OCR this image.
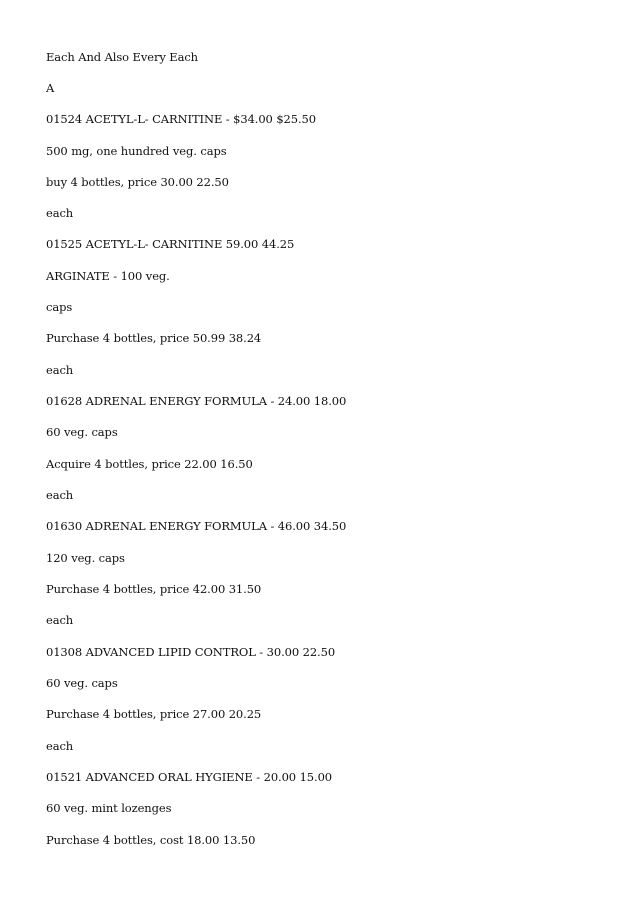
Each And Also Every Each
A
01524 ACETYL-L- CARNITINE - $34.00 $25.50
500 mg, one hundred veg. caps
buy 4 bottles, price 30.00 22.50
each
01525 ACETYL-L- CARNITINE 59.00 44.25
ARGINATE - 100 veg.
caps
Purchase 4 bottles, price 50.99 38.24
each
01628 ADRENAL ENERGY FORMULA - 24.00 18.00
60 veg. caps
Acquire 4 bottles, price 22.00 16.50
each
01630 ADRENAL ENERGY FORMULA - 46.00 34.50
120 veg. caps
Purchase 4 bottles, price 42.00 31.50
each
01308 ADVANCED LIPID CONTROL - 30.00 22.50
60 veg. caps
Purchase 4 bottles, price 27.00 20.25
each
01521 ADVANCED ORAL HYGIENE - 20.00 15.00
60 veg. mint lozenges
Purchase 4 bottles, cost 18.00 13.50
